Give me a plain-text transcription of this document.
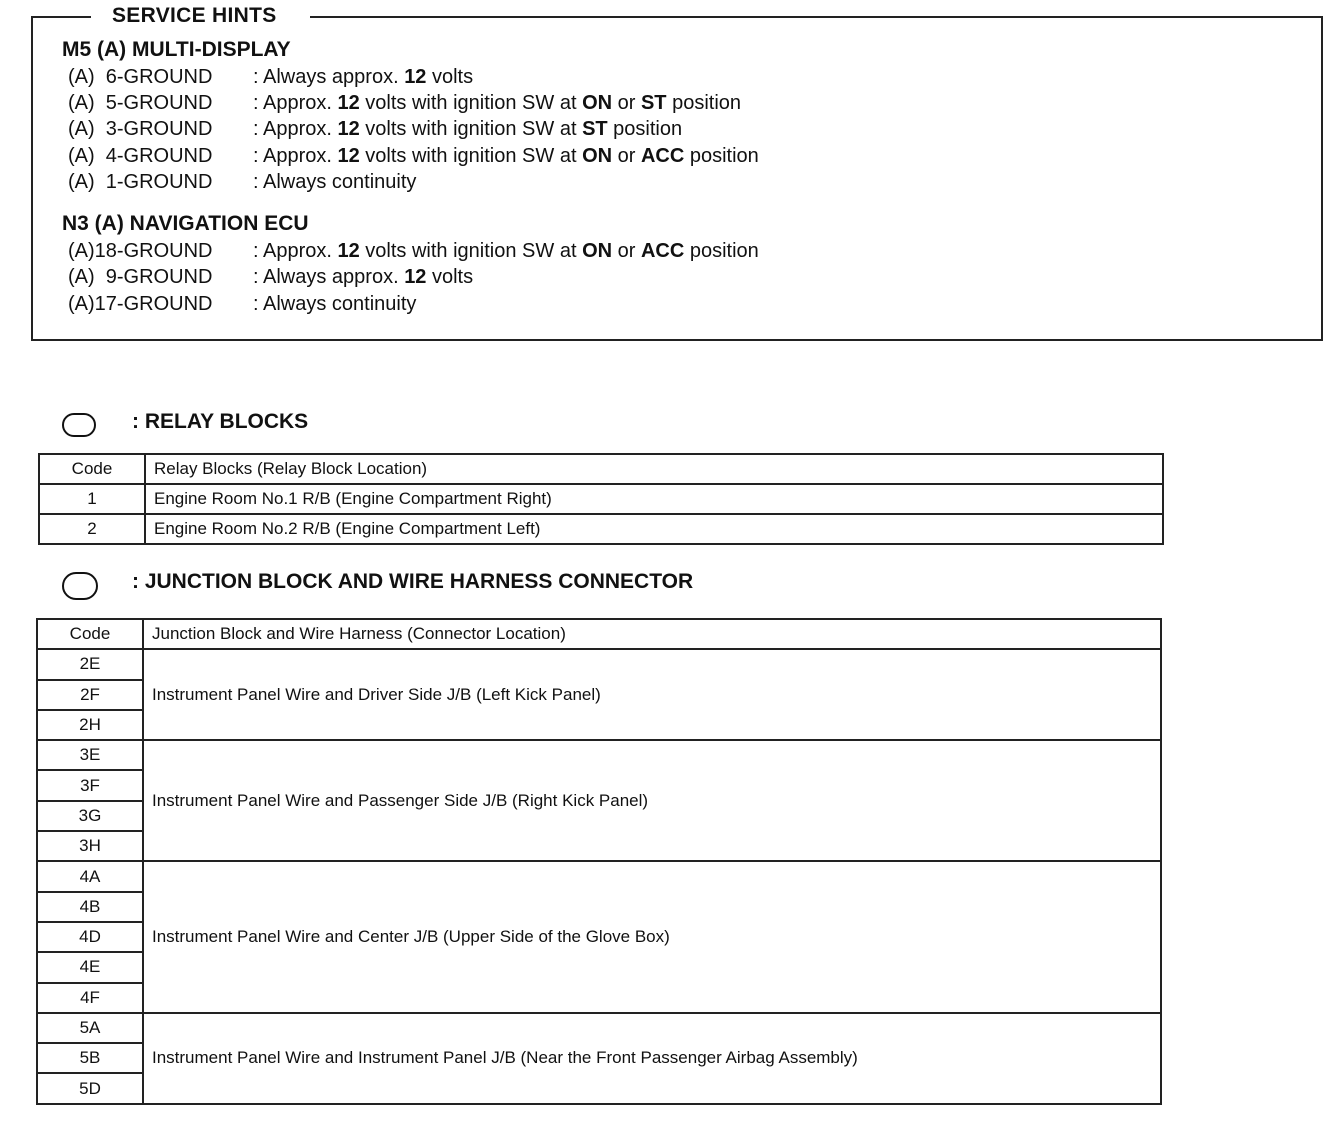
SERVICE HINTS
M5 (A) MULTI-DISPLAY
(A)  6-GROUND : Always approx. 12 volts
(A)  5-GROUND : Approx. 12 volts with ignition SW at ON or ST position
(A)  3-GROUND : Approx. 12 volts with ignition SW at ST position
(A)  4-GROUND : Approx. 12 volts with ignition SW at ON or ACC position
(A)  1-GROUND : Always continuity
N3 (A) NAVIGATION ECU
(A)18-GROUND : Approx. 12 volts with ignition SW at ON or ACC position
(A)  9-GROUND : Always approx. 12 volts
(A)17-GROUND : Always continuity
: RELAY BLOCKS
Code	Relay Blocks (Relay Block Location)
1	Engine Room No.1 R/B (Engine Compartment Right)
2	Engine Room No.2 R/B (Engine Compartment Left)
: JUNCTION BLOCK AND WIRE HARNESS CONNECTOR
Code	Junction Block and Wire Harness (Connector Location)
2E	Instrument Panel Wire and Driver Side J/B (Left Kick Panel)
2F	
2H	
3E	Instrument Panel Wire and Passenger Side J/B (Right Kick Panel)
3F	
3G	
3H	
4A	Instrument Panel Wire and Center J/B (Upper Side of the Glove Box)
4B	
4D	
4E	
4F	
5A	Instrument Panel Wire and Instrument Panel J/B (Near the Front Passenger Airbag Assembly)
5B	
5D	
